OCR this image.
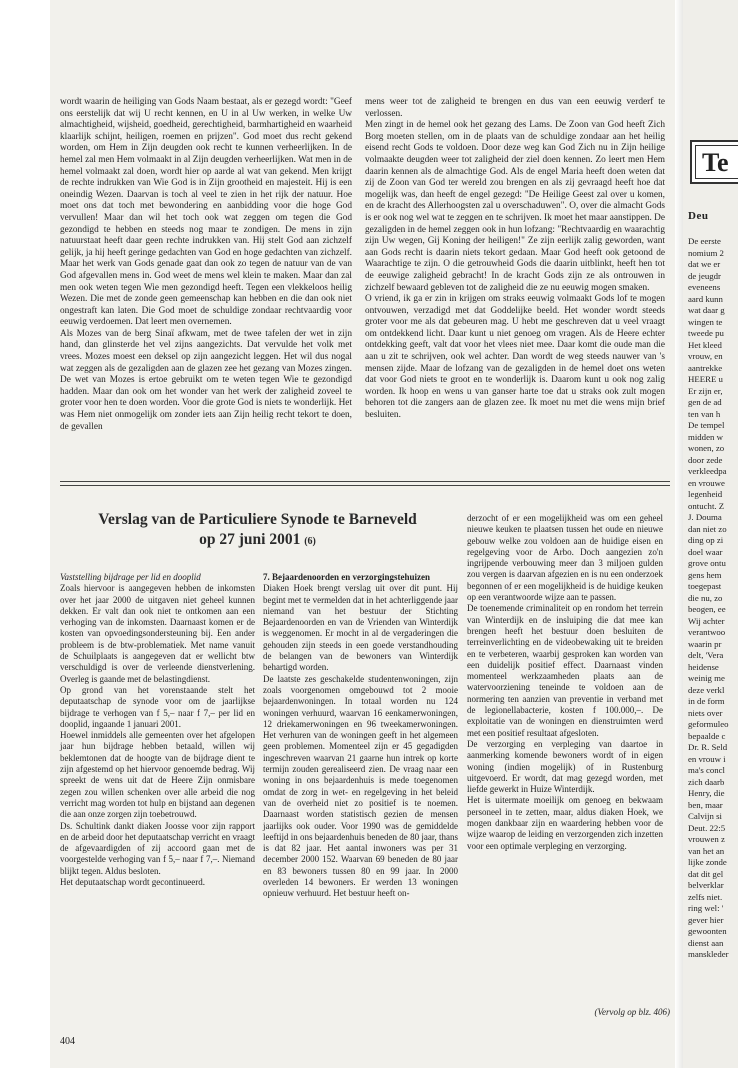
wordt waarin de heiliging van Gods Naam bestaat, als er gezegd wordt: "Geef ons eerstelijk dat wij U recht kennen, en U in al Uw werken, in welke Uw almachtigheid, wijsheid, goedheid, gerechtigheid, barmhartigheid en waarheid klaarlijk schijnt, heiligen, roemen en prijzen". God moet dus recht gekend worden, om Hem in Zijn deugden ook recht te kunnen verheerlijken. In de hemel zal men Hem volmaakt in al Zijn deugden verheerlijken. Wat men in de hemel volmaakt zal doen, wordt hier op aarde al wat van gekend. Men krijgt de rechte indrukken van Wie God is in Zijn grootheid en majesteit. Hij is een oneindig Wezen. Daarvan is toch al veel te zien in het rijk der natuur. Hoe moet ons dat toch met bewondering en aanbidding voor die hoge God vervullen! Maar dan wil het toch ook wat zeggen om tegen die God gezondigd te hebben en steeds nog maar te zondigen. De mens in zijn natuurstaat heeft daar geen rechte indrukken van. Hij stelt God aan zichzelf gelijk, ja hij heeft geringe gedachten van God en hoge gedachten van zichzelf. Maar het werk van Gods genade gaat dan ook zo tegen de natuur van de van God afgevallen mens in. God weet de mens wel klein te maken. Maar dan zal men ook weten tegen Wie men gezondigd heeft. Tegen een vlekkeloos heilig Wezen. Die met de zonde geen gemeenschap kan hebben en die dan ook niet ongestraft kan laten. Die God moet de schuldige zondaar rechtvaardig voor eeuwig verdoemen. Dat leert men overnemen.

Als Mozes van de berg Sinaï afkwam, met de twee tafelen der wet in zijn hand, dan glinsterde het vel zijns aangezichts. Dat vervulde het volk met vrees. Mozes moest een deksel op zijn aangezicht leggen. Het wil dus nogal wat zeggen als de gezaligden aan de glazen zee het gezang van Mozes zingen. De wet van Mozes is ertoe gebruikt om te weten tegen Wie te gezondigd hadden. Maar dan ook om het wonder van het werk der zaligheid zoveel te groter voor hen te doen worden. Voor die grote God is niets te wonderlijk. Het was Hem niet onmogelijk om zonder iets aan Zijn heilig recht tekort te doen, de gevallen

mens weer tot de zaligheid te brengen en dus van een eeuwig verderf te verlossen.

Men zingt in de hemel ook het gezang des Lams. De Zoon van God heeft Zich Borg moeten stellen, om in de plaats van de schuldige zondaar aan het heilig eisend recht Gods te voldoen. Door deze weg kan God Zich nu in Zijn heilige volmaakte deugden weer tot zaligheid der ziel doen kennen. Zo leert men Hem daarin kennen als de almachtige God. Als de engel Maria heeft doen weten dat zij de Zoon van God ter wereld zou brengen en als zij gevraagd heeft hoe dat mogelijk was, dan heeft de engel gezegd: "De Heilige Geest zal over u komen, en de kracht des Allerhoogsten zal u overschaduwen". O, over die almacht Gods is er ook nog wel wat te zeggen en te schrijven. Ik moet het maar aanstippen. De gezaligden in de hemel zeggen ook in hun lofzang: "Rechtvaardig en waarachtig zijn Uw wegen, Gij Koning der heiligen!" Ze zijn eerlijk zalig geworden, want aan Gods recht is daarin niets tekort gedaan. Maar God heeft ook getoond de Waarachtige te zijn. O die getrouwheid Gods die daarin uitblinkt, heeft hen tot de eeuwige zaligheid gebracht! In de kracht Gods zijn ze als ontrouwen in zichzelf bewaard gebleven tot de zaligheid die ze nu eeuwig mogen smaken.

O vriend, ik ga er zin in krijgen om straks eeuwig volmaakt Gods lof te mogen ontvouwen, verzadigd met dat Goddelijke beeld. Het wonder wordt steeds groter voor me als dat gebeuren mag. U hebt me geschreven dat u veel vraagt om ontdekkend licht. Daar kunt u niet genoeg om vragen. Als de Heere echter ontdekking geeft, valt dat voor het vlees niet mee. Daar komt die oude man die aan u zit te schrijven, ook wel achter. Dan wordt de weg steeds nauwer van 's mensen zijde. Maar de lofzang van de gezaligden in de hemel doet ons weten dat voor God niets te groot en te wonderlijk is. Daarom kunt u ook nog zalig worden. Ik hoop en wens u van ganser harte toe dat u straks ook zult mogen behoren tot die zangers aan de glazen zee. Ik moet nu met die wens mijn brief besluiten.

Verslag van de Particuliere Synode te Barneveld
op 27 juni 2001 (6)

Vaststelling bijdrage per lid en dooplid

Zoals hiervoor is aangegeven hebben de inkomsten over het jaar 2000 de uitgaven niet geheel kunnen dekken. Er valt dan ook niet te ontkomen aan een verhoging van de inkomsten. Daarnaast komen er de kosten van opvoedingsondersteuning bij. Een ander probleem is de btw-problematiek. Met name vanuit de Schuilplaats is aangegeven dat er wellicht btw verschuldigd is over de verleende dienstverlening. Overleg is gaande met de belastingdienst.

Op grond van het vorenstaande stelt het deputaatschap de synode voor om de jaarlijkse bijdrage te verhogen van f 5,– naar f 7,– per lid en dooplid, ingaande 1 januari 2001.

Hoewel inmiddels alle gemeenten over het afgelopen jaar hun bijdrage hebben betaald, willen wij beklemtonen dat de hoogte van de bijdrage dient te zijn afgestemd op het hiervoor genoemde bedrag. Wij spreekt de wens uit dat de Heere Zijn onmisbare zegen zou willen schenken over alle arbeid die nog verricht mag worden tot hulp en bijstand aan degenen die aan onze zorgen zijn toebetrouwd.

Ds. Schultink dankt diaken Joosse voor zijn rapport en de arbeid door het deputaatschap verricht en vraagt de afgevaardigden of zij accoord gaan met de voorgestelde verhoging van f 5,– naar f 7,–. Niemand blijkt tegen. Aldus besloten.

Het deputaatschap wordt gecontinueerd.

7. Bejaardenoorden en verzorgingstehuizen

Diaken Hoek brengt verslag uit over dit punt. Hij begint met te vermelden dat in het achterliggende jaar niemand van het bestuur der Stichting Bejaardenoorden en van de Vrienden van Winterdijk is weggenomen. Er mocht in al de vergaderingen die gehouden zijn steeds in een goede verstandhouding de belangen van de bewoners van Winterdijk behartigd worden.

De laatste zes geschakelde studentenwoningen, zijn zoals voorgenomen omgebouwd tot 2 mooie bejaardenwoningen. In totaal worden nu 124 woningen verhuurd, waarvan 16 eenkamerwoningen, 12 driekamerwoningen en 96 tweekamerwoningen. Het verhuren van de woningen geeft in het algemeen geen problemen. Momenteel zijn er 45 gegadigden ingeschreven waarvan 21 gaarne hun intrek op korte termijn zouden gerealiseerd zien. De vraag naar een woning in ons bejaardenhuis is mede toegenomen omdat de zorg in wet- en regelgeving in het beleid van de overheid niet zo positief is te noemen. Daarnaast worden statistisch gezien de mensen jaarlijks ook ouder. Voor 1990 was de gemiddelde leeftijd in ons bejaardenhuis beneden de 80 jaar, thans is dat 82 jaar. Het aantal inwoners was per 31 december 2000 152. Waarvan 69 beneden de 80 jaar en 83 bewoners tussen 80 en 99 jaar. In 2000 overleden 14 bewoners. Er werden 13 woningen opnieuw verhuurd. Het bestuur heeft on-

derzocht of er een mogelijkheid was om een geheel nieuwe keuken te plaatsen tussen het oude en nieuwe gebouw welke zou voldoen aan de huidige eisen en regelgeving voor de Arbo. Doch aangezien zo'n ingrijpende verbouwing meer dan 3 miljoen gulden zou vergen is daarvan afgezien en is nu een onderzoek begonnen of er een mogelijkheid is de huidige keuken op een verantwoorde wijze aan te passen.

De toenemende criminaliteit op en rondom het terrein van Winterdijk en de insluiping die dat mee kan brengen heeft het bestuur doen besluiten de terreinverlichting en de videobewaking uit te breiden en te verbeteren, waarbij gesproken kan worden van een duidelijk positief effect. Daarnaast vinden momenteel werkzaamheden plaats aan de watervoorziening teneinde te voldoen aan de normering ten aanzien van preventie in verband met de legionellabacterie, kosten f 100.000,–. De exploitatie van de woningen en dienstruimten werd met een positief resultaat afgesloten.

De verzorging en verpleging van daartoe in aanmerking komende bewoners wordt of in eigen woning (indien mogelijk) of in Rustenburg uitgevoerd. Er wordt, dat mag gezegd worden, met liefde gewerkt in Huize Winterdijk.

Het is uitermate moeilijk om genoeg en bekwaam personeel in te zetten, maar, aldus diaken Hoek, we mogen dankbaar zijn en waardering hebben voor de wijze waarop de leiding en verzorgenden zich inzetten voor een optimale verpleging en verzorging.

(Vervolg op blz. 406)
404
Te
Deu
De eerste
nomium 2
dat we er
de jeugdr
eveneens
aard kunn
wat daar g
wingen te
tweede pu
Het kleed
vrouw, en
aantrekke
HEERE u
Er zijn er,
gen de ad
ten van h
De tempel
midden w
wonen, zo
door zede
verkleedpa
en vrouwe
legenheid
ontucht. Z
J. Douma
dan niet zo
ding op zi
doel waar
grove ontu
gens hem
toegepast
die nu, zo
beogen, ee
Wij achter
verantwoo
waarin pr
delt, 'Vera
heidense
weinig me
deze verkl
in de form
niets over
geformuleo
bepaalde c
Dr. R. Seld
en vrouw i
ma's concl
zich daarb
Henry, die
ben, maar
Calvijn si
Deut. 22:5
vrouwen z
van het an
lijke zonde
dat dit gel
belverklar
zelfs niet.
ring wel: '
gever hier
gewoonten
dienst aan
manskleder
